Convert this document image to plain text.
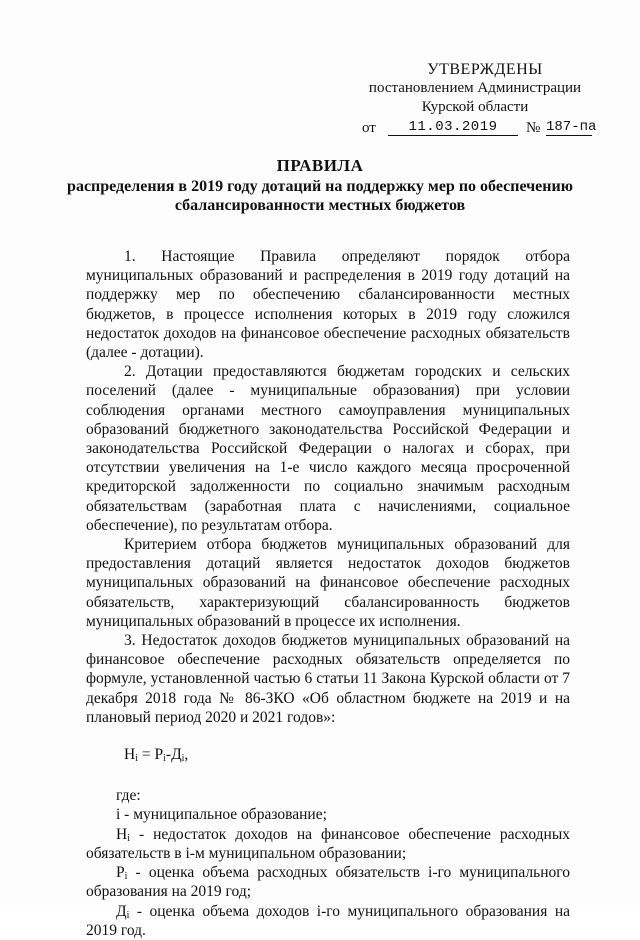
УТВЕРЖДЕНЫ
постановлением Администрации
Курской области
от	11.03.2019	№ 187-па
ПРАВИЛА
распределения в 2019 году дотаций на поддержку мер по обеспечению
сбалансированности местных бюджетов

1. Настоящие Правила определяют порядок отбора муниципальных образований и распределения в 2019 году дотаций на поддержку мер по обеспечению сбалансированности местных бюджетов, в процессе исполнения которых в 2019 году сложился недостаток доходов на финансовое обеспечение расходных обязательств (далее - дотации).

2. Дотации предоставляются бюджетам городских и сельских поселений (далее - муниципальные образования) при условии соблюдения органами местного самоуправления муниципальных образований бюджетного законодательства Российской Федерации и законодательства Российской Федерации о налогах и сборах, при отсутствии увеличения на 1-е число каждого месяца просроченной кредиторской задолженности по социально значимым расходным обязательствам (заработная плата с начислениями, социальное обеспечение), по результатам отбора.

Критерием отбора бюджетов муниципальных образований для предоставления дотаций является недостаток доходов бюджетов муниципальных образований на финансовое обеспечение расходных обязательств, характеризующий сбалансированность бюджетов муниципальных образований в процессе их исполнения.

3. Недостаток доходов бюджетов муниципальных образований на финансовое обеспечение расходных обязательств определяется по формуле, установленной частью 6 статьи 11 Закона Курской области от 7 декабря 2018 года № 86-ЗКО «Об областном бюджете на 2019 и на плановый период 2020 и 2021 годов»:

$Н_i = Р_i-Д_i$,

где:

i - муниципальное образование;

$Н_i$ - недостаток доходов на финансовое обеспечение расходных обязательств в i-м муниципальном образовании;

$Р_i$ - оценка объема расходных обязательств i-го муниципального образования на 2019 год;

$Д_i$ - оценка объема доходов i-го муниципального образования на 2019 год.
